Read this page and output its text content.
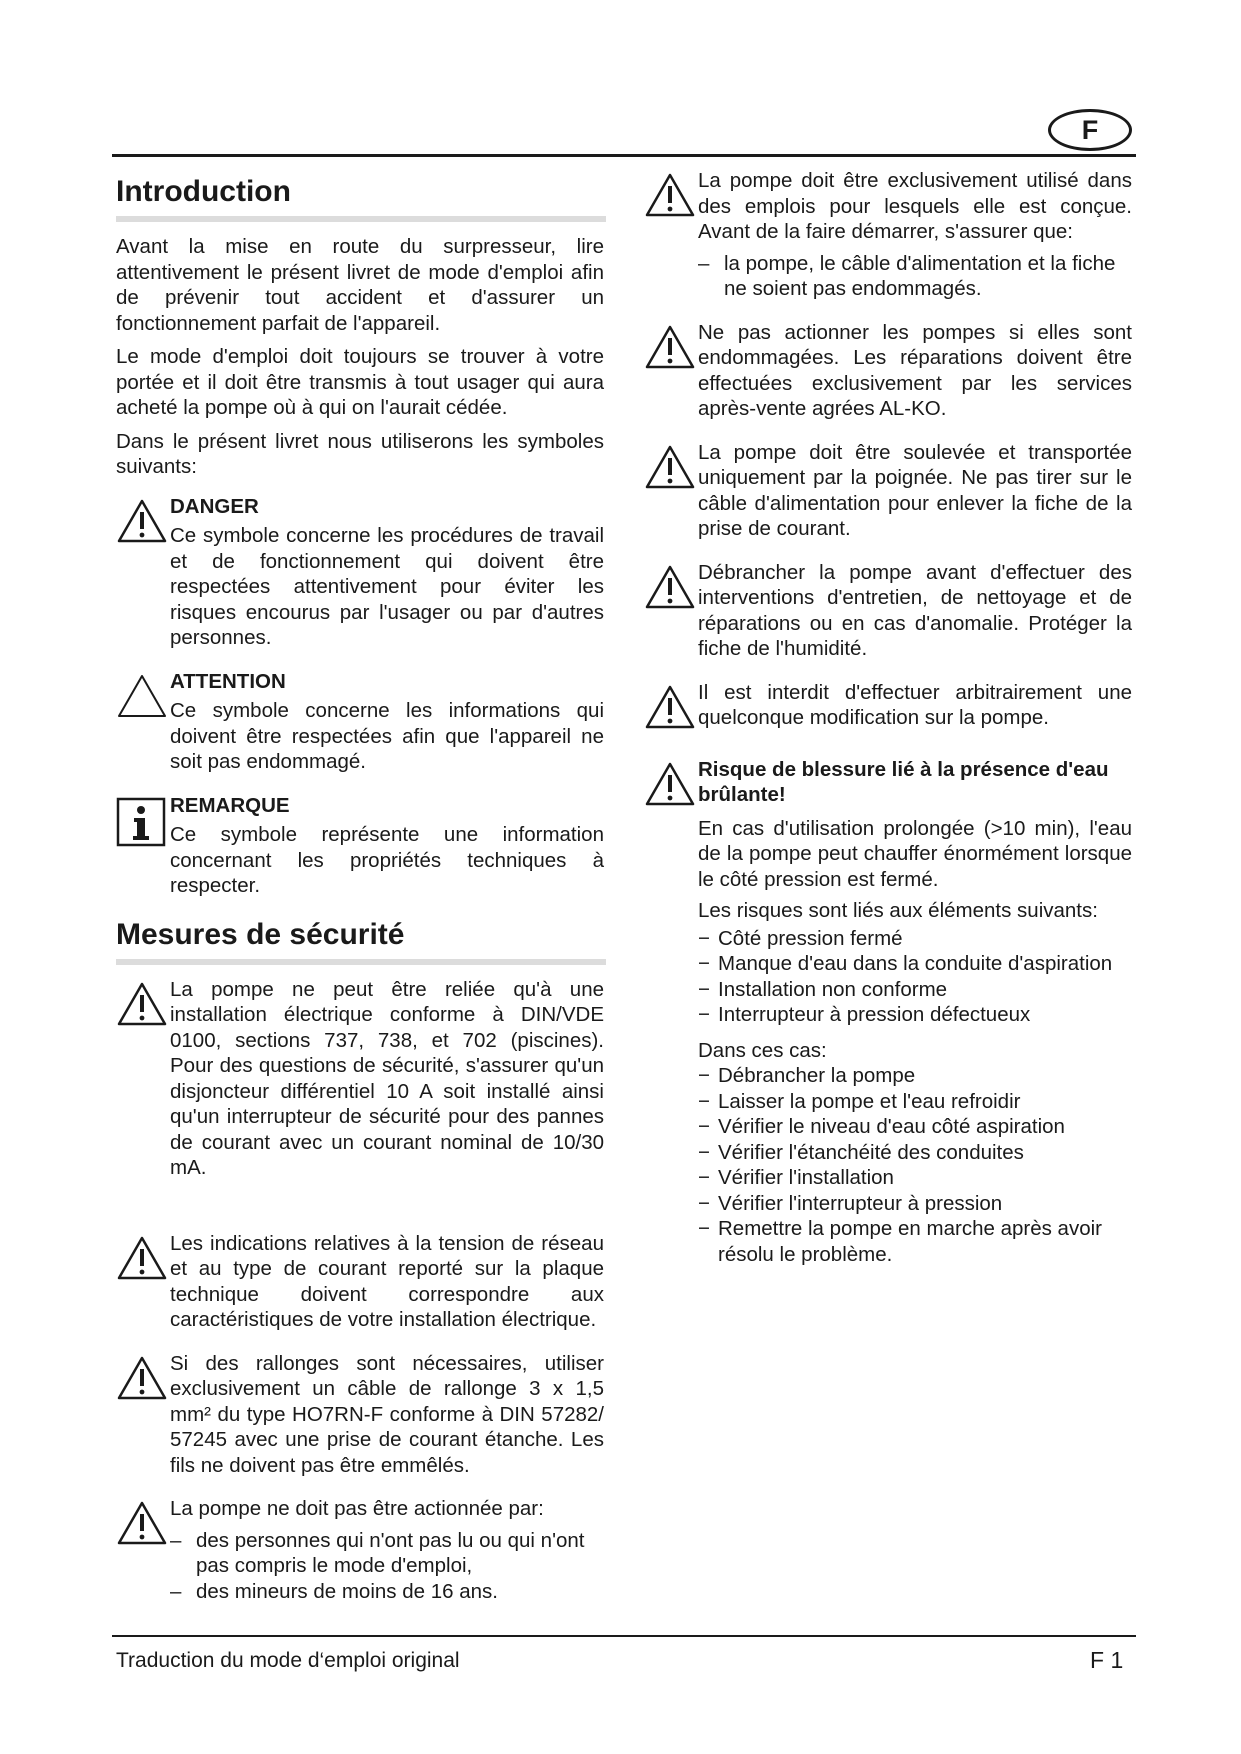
F
Introduction

Avant la mise en route du surpresseur, lire attentivement le présent livret de mode d'emploi afin de prévenir tout accident et d'assurer un fonctionnement parfait de l'appareil.

Le mode d'emploi doit toujours se trouver à votre portée et il doit être transmis à tout usager qui aura acheté la pompe où à qui on l'aurait cédée.

Dans le présent livret nous utiliserons les symboles suivants:

DANGER

Ce symbole concerne les procédures de travail et de fonctionnement qui doivent être respectées attentivement pour éviter les risques encourus par l'usager ou par d'autres personnes.

ATTENTION

Ce symbole concerne les informations qui doivent être respectées afin que l'appareil ne soit pas endommagé.

REMARQUE

Ce symbole représente une information concernant les propriétés techniques à respecter.

Mesures de sécurité

La pompe ne peut être reliée qu'à une installation électrique conforme à DIN/VDE 0100, sections 737, 738, et 702 (piscines). Pour des questions de sécurité, s'assurer qu'un disjoncteur différentiel 10 A soit installé ainsi qu'un interrupteur de sécurité pour des pannes de courant avec un courant nominal de 10/30 mA.

Les indications relatives à la tension de réseau et au type de courant reporté sur la plaque technique doivent correspondre aux caractéristiques de votre installation électrique.

Si des rallonges sont nécessaires, utiliser exclusivement un câble de rallonge 3 x 1,5 mm² du type HO7RN-F conforme à DIN 57282/ 57245 avec une prise de courant étanche. Les fils ne doivent pas être emmêlés.

La pompe ne doit pas être actionnée par:

– des personnes qui n'ont pas lu ou qui n'ont pas compris le mode d'emploi,
– des mineurs de moins de 16 ans.

La pompe doit être exclusivement utilisé dans des emplois pour lesquels elle est conçue. Avant de la faire démarrer, s'assurer que:

– la pompe, le câble d'alimentation et la fiche ne soient pas endommagés.

Ne pas actionner les pompes si elles sont endommagées. Les réparations doivent être effectuées exclusivement par les services après-vente agrées AL-KO.

La pompe doit être soulevée et transportée uniquement par la poignée. Ne pas tirer sur le câble d'alimentation pour enlever la fiche de la prise de courant.

Débrancher la pompe avant d'effectuer des interventions d'entretien, de nettoyage et de réparations ou en cas d'anomalie. Protéger la fiche de l'humidité.

Il est interdit d'effectuer arbitrairement une quelconque modification sur la pompe.

Risque de blessure lié à la présence d'eau brûlante!

En cas d'utilisation prolongée (>10 min), l'eau de la pompe peut chauffer énormément lorsque le côté pression est fermé.

Les risques sont liés aux éléments suivants:

− Côté pression fermé
− Manque d'eau dans la conduite d'aspiration
− Installation non conforme
− Interrupteur à pression défectueux

Dans ces cas:

− Débrancher la pompe
− Laisser la pompe et l'eau refroidir
− Vérifier le niveau d'eau côté aspiration
− Vérifier l'étanchéité des conduites
− Vérifier l'installation
− Vérifier l'interrupteur à pression
− Remettre la pompe en marche après avoir résolu le problème.
Traduction du mode d‘emploi original	F 1
